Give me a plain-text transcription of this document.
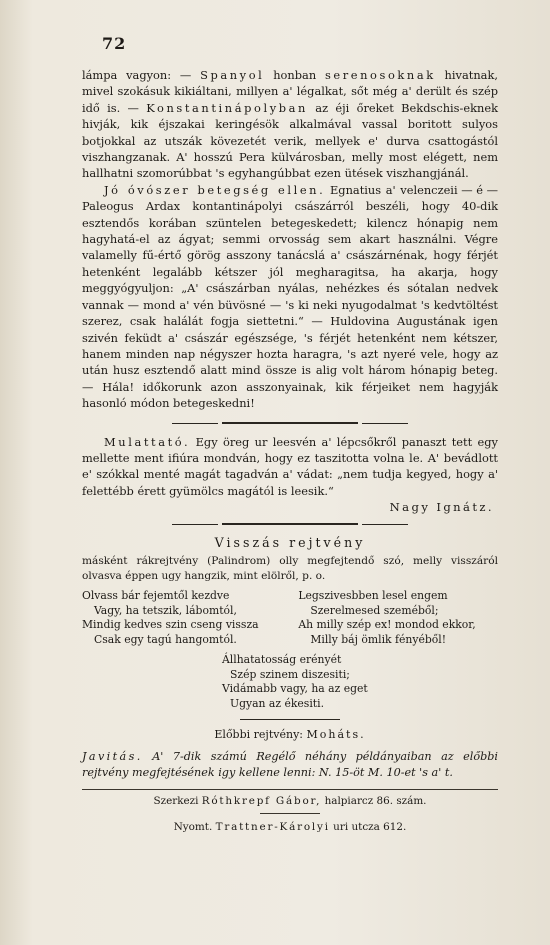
72

lámpa vagyon: — Spanyol honban serenosoknak hivatnak, mivel szokásuk kikiáltani, millyen a' légalkat, sőt még a' derült és szép idő is. — Konstantinápolyban az éji őreket Bekdschis-eknek hivják, kik éjszakai keringésök alkalmával vassal boritott sulyos botjokkal az utszák kövezetét verik, mellyek e' durva csattogástól viszhangzanak. A' hosszú Pera külvárosban, melly most elégett, nem hallhatni szomorúbbat 's egyhangúbbat ezen ütések viszhangjánál.
i — é —

Jó óvószer betegség ellen. Egnatius a' velenczei Paleogus Ardax kontantinápolyi császárról beszéli, hogy 40-dik esztendős korában szüntelen betegeskedett; kilencz hónapig nem hagyhatá-el az ágyat; semmi orvosság sem akart használni. Végre valamelly fű-értő görög asszony tanácslá a' császárnénak, hogy férjét hetenként legalább kétszer jól megharagitsa, ha akarja, hogy meggyógyuljon: „A' császárban nyálas, nehézkes és sótalan nedvek vannak — mond a' vén büvösné — 's ki neki nyugodalmat 's kedvtöltést szerez, csak halálát fogja siettetni.“ — Huldovina Augustának igen szivén feküdt a' császár egészsége, 's férjét hetenként nem kétszer, hanem minden nap négyszer hozta haragra, 's azt nyeré vele, hogy az után husz esztendő alatt mind össze is alig volt három hónapig beteg. — Hála! időkorunk azon asszonyainak, kik férjeiket nem hagyják hasonló módon betegeskedni!

Mulattató. Egy öreg ur leesvén a' lépcsőkről panaszt tett egy mellette ment ifiúra mondván, hogy ez taszitotta volna le. A' bevádlott e' szókkal menté magát tagadván a' vádat: „nem tudja kegyed, hogy a' felettébb érett gyümölcs magától is leesik.“

Nagy Ignátz.

Visszás rejtvény

másként rákrejtvény (Palindrom) olly megfejtendő szó, melly visszáról olvasva éppen ugy hangzik, mint elölről, p. o.

Olvass bár fejemtől kezdve
Vagy, ha tetszik, lábomtól,
Mindig kedves szin cseng vissza
Csak egy tagú hangomtól.
Legszivesbben lesel engem
Szerelmesed szeméből;
Ah milly szép ex! mondod ekkor,
Milly báj ömlik fényéből!
Állhatatosság erényét
Szép szinem diszesiti;
Vidámabb vagy, ha az eget
Ugyan az ékesiti.

Előbbi rejtvény: Moháts.

Javitás. A' 7-dik számú Regélő néhány példányaiban az előbbi rejtvény megfejtésének igy kellene lenni: N. 15-öt M. 10-et 's a' t.

Szerkezi Róthkrepf Gábor, halpiarcz 86. szám.

Nyomt. Trattner-Károlyi uri utcza 612.
